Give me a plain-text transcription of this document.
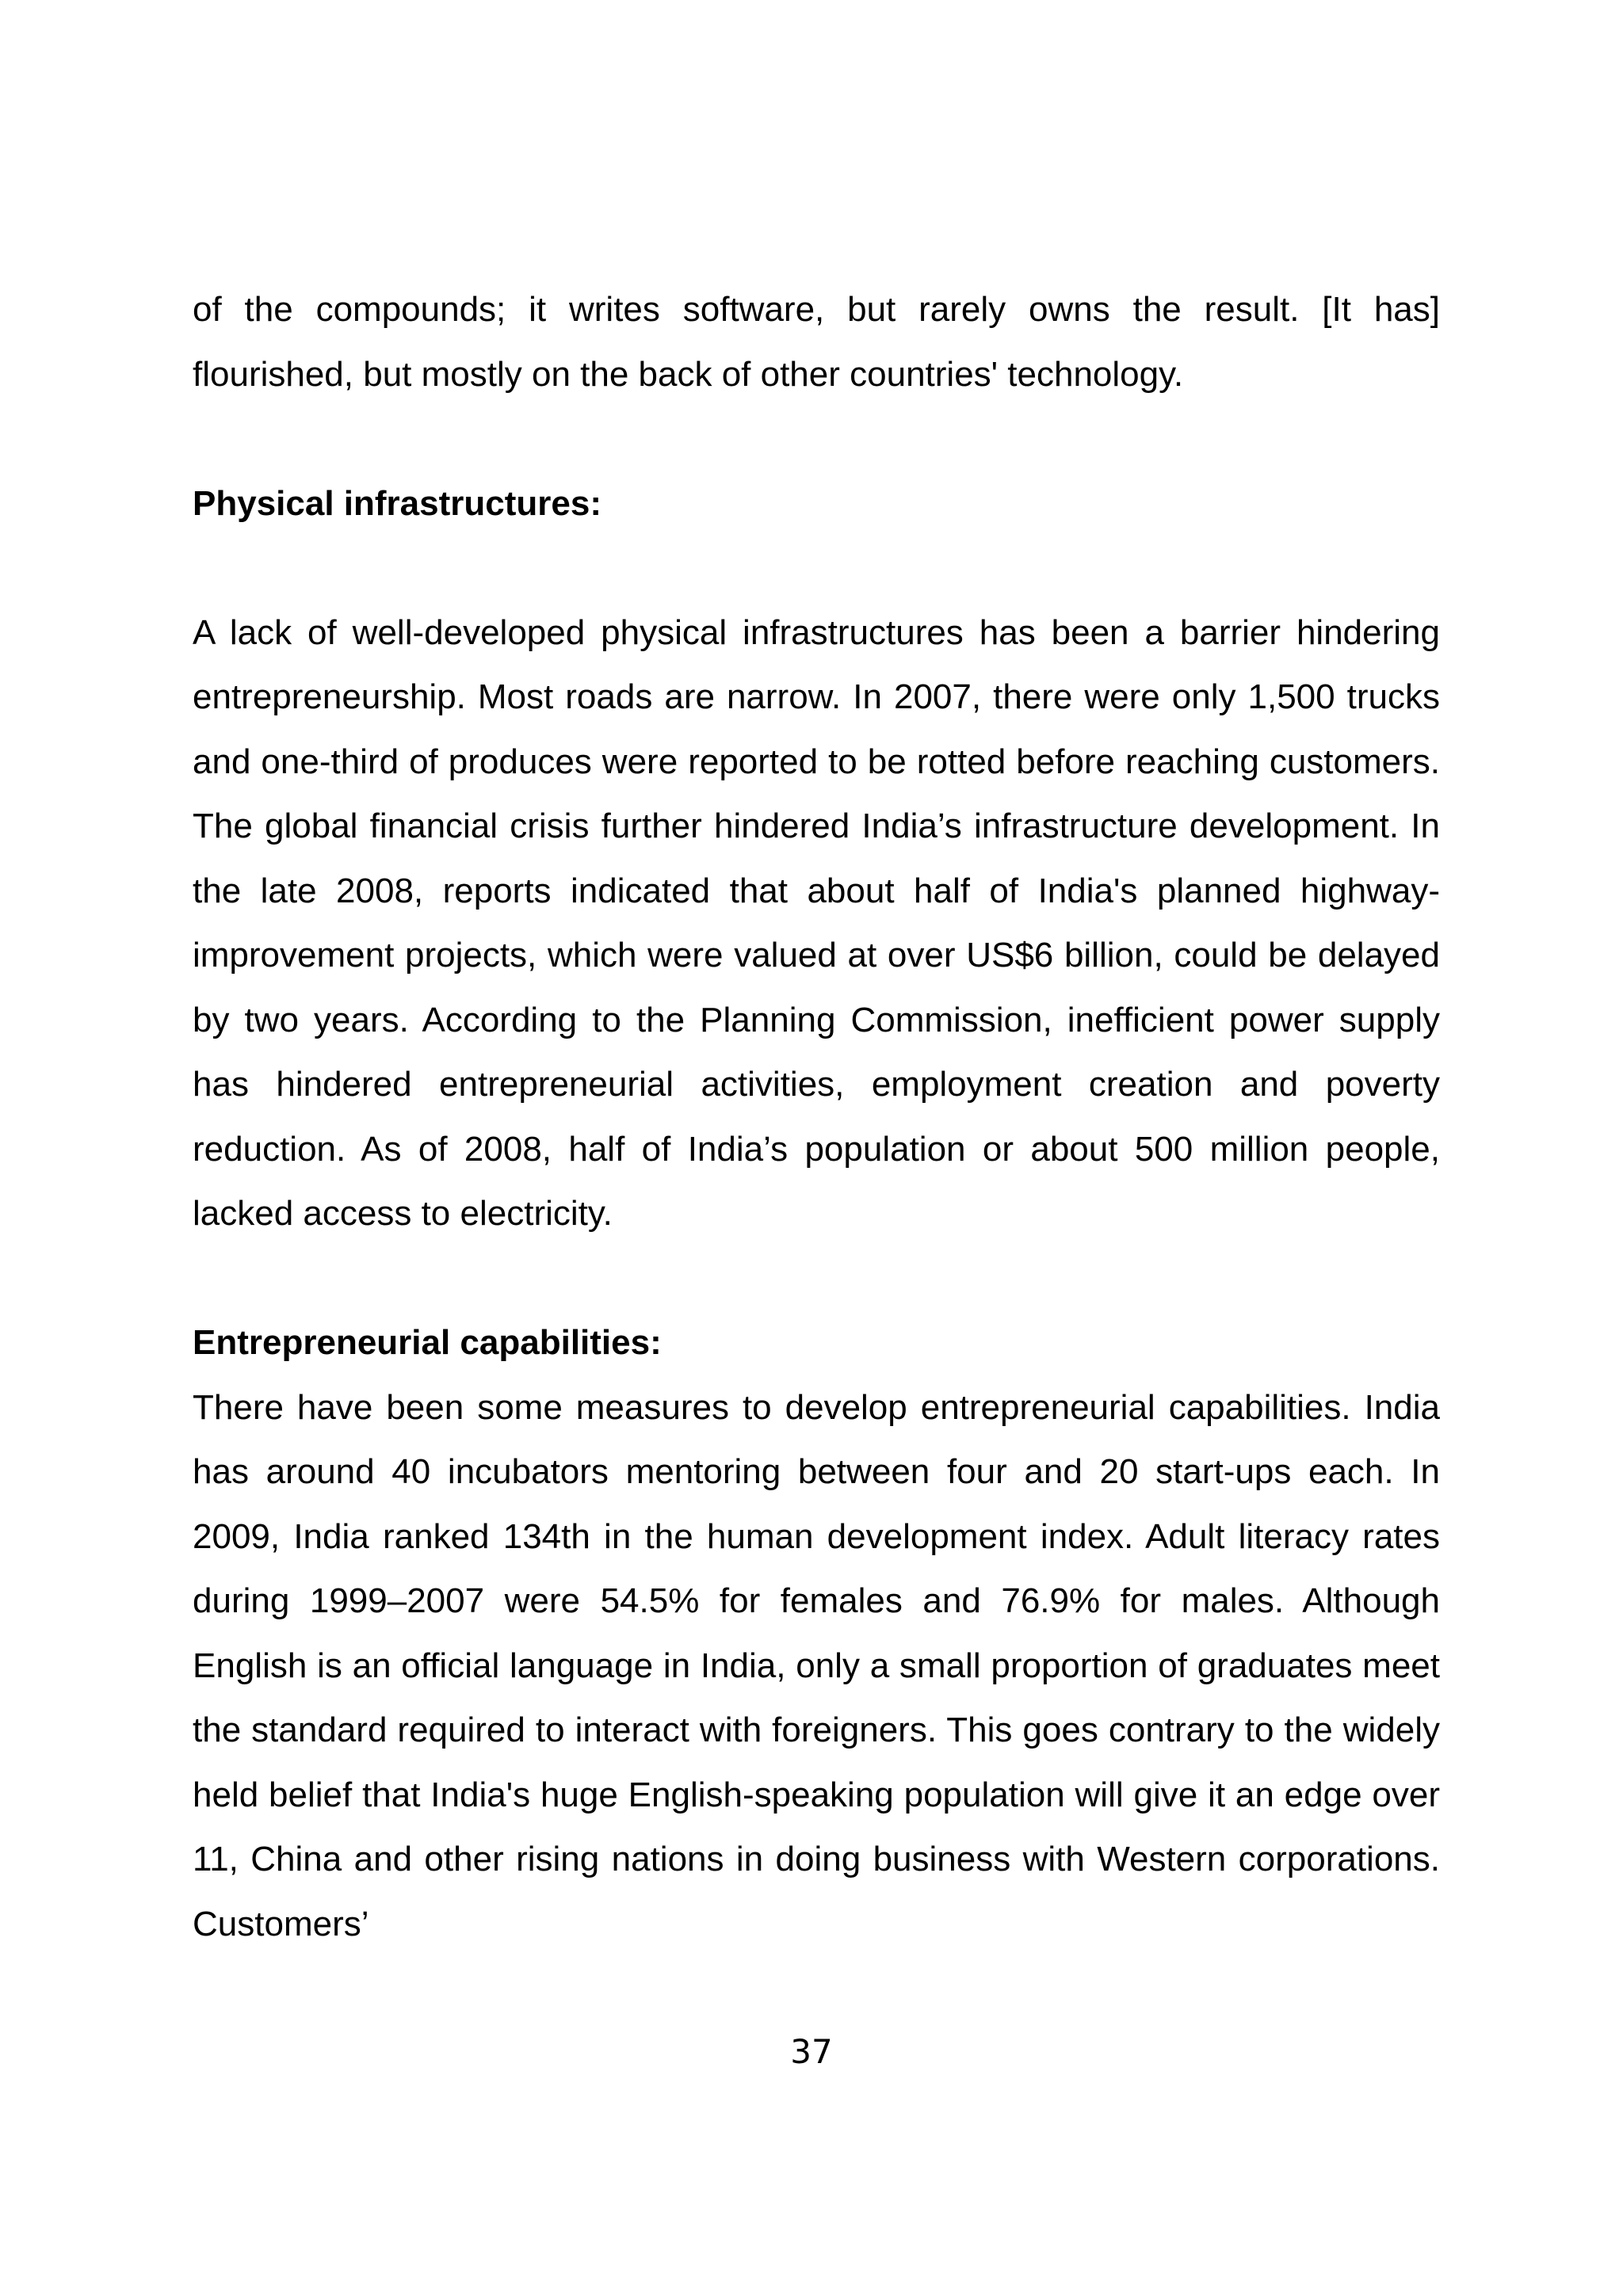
of the compounds; it writes software, but rarely owns the result. [It has] flourished, but mostly on the back of other countries' technology.

Physical infrastructures:

A lack of well-developed physical infrastructures has been a barrier hindering entrepreneurship. Most roads are narrow. In 2007, there were only 1,500 trucks and one-third of produces were reported to be rotted before reaching customers. The global financial crisis further hindered India’s infrastructure development. In the late 2008, reports indicated that about half of India's planned highway-improvement projects, which were valued at over US$6 billion, could be delayed by two years. According to the Planning Commission, inefficient power supply has hindered entrepreneurial activities, employment creation and poverty reduction. As of 2008, half of India’s population or about 500 million people, lacked access to electricity.

Entrepreneurial capabilities:

There have been some measures to develop entrepreneurial capabilities. India has around 40 incubators mentoring between four and 20 start-ups each. In 2009, India ranked 134th in the human development index. Adult literacy rates during 1999–2007 were 54.5% for females and 76.9% for males. Although English is an official language in India, only a small proportion of graduates meet the standard required to interact with foreigners. This goes contrary to the widely held belief that India's huge English-speaking population will give it an edge over 11, China and other rising nations in doing business with Western corporations. Customers’

37
